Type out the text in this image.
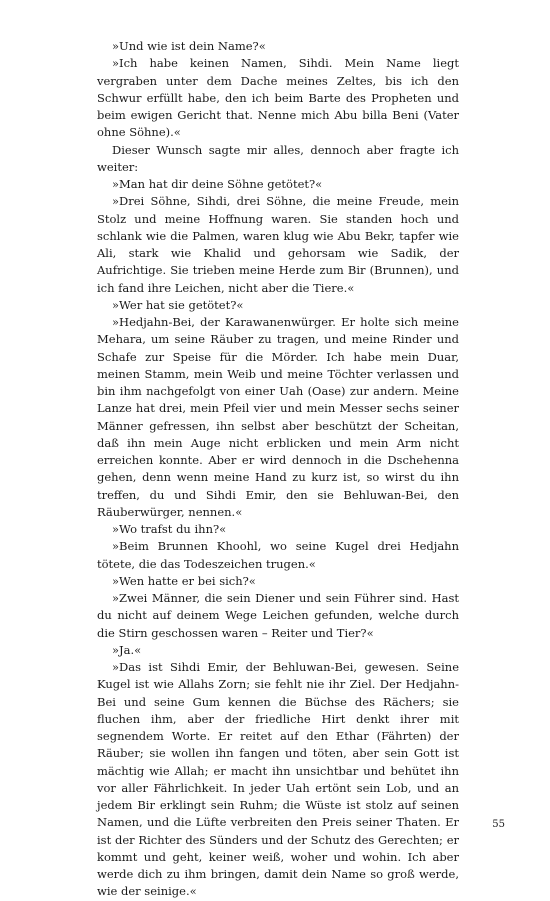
»Und wie ist dein Name?«

»Ich habe keinen Namen, Sihdi. Mein Name liegt vergraben unter dem Dache meines Zeltes, bis ich den Schwur erfüllt habe, den ich beim Barte des Propheten und beim ewigen Gericht that. Nenne mich Abu billa Beni (Vater ohne Söhne).«

Dieser Wunsch sagte mir alles, dennoch aber fragte ich weiter:

»Man hat dir deine Söhne getötet?«

»Drei Söhne, Sihdi, drei Söhne, die meine Freude, mein Stolz und meine Hoffnung waren. Sie standen hoch und schlank wie die Palmen, waren klug wie Abu Bekr, tapfer wie Ali, stark wie Khalid und gehorsam wie Sadik, der Aufrichtige. Sie trieben meine Herde zum Bir (Brunnen), und ich fand ihre Leichen, nicht aber die Tiere.«

»Wer hat sie getötet?«

»Hedjahn-Bei, der Karawanenwürger. Er holte sich meine Mehara, um seine Räuber zu tragen, und meine Rinder und Schafe zur Speise für die Mörder. Ich habe mein Duar, meinen Stamm, mein Weib und meine Töchter verlassen und bin ihm nachgefolgt von einer Uah (Oase) zur andern. Meine Lanze hat drei, mein Pfeil vier und mein Messer sechs seiner Männer gefressen, ihn selbst aber beschützt der Scheitan, daß ihn mein Auge nicht erblicken und mein Arm nicht erreichen konnte. Aber er wird dennoch in die Dschehenna gehen, denn wenn meine Hand zu kurz ist, so wirst du ihn treffen, du und Sihdi Emir, den sie Behluwan-Bei, den Räuberwürger, nennen.«

»Wo trafst du ihn?«

»Beim Brunnen Khoohl, wo seine Kugel drei Hedjahn tötete, die das Todeszeichen trugen.«

»Wen hatte er bei sich?«

»Zwei Männer, die sein Diener und sein Führer sind. Hast du nicht auf deinem Wege Leichen gefunden, welche durch die Stirn geschossen waren – Reiter und Tier?«

»Ja.«

»Das ist Sihdi Emir, der Behluwan-Bei, gewesen. Seine Kugel ist wie Allahs Zorn; sie fehlt nie ihr Ziel. Der Hedjahn-Bei und seine Gum kennen die Büchse des Rächers; sie fluchen ihm, aber der friedliche Hirt denkt ihrer mit segnendem Worte. Er reitet auf den Ethar (Fährten) der Räuber; sie wollen ihn fangen und töten, aber sein Gott ist mächtig wie Allah; er macht ihn unsichtbar und behütet ihn vor aller Fährlichkeit. In jeder Uah ertönt sein Lob, und an jedem Bir erklingt sein Ruhm; die Wüste ist stolz auf seinen Namen, und die Lüfte verbreiten den Preis seiner Thaten. Er ist der Richter des Sünders und der Schutz des Gerechten; er kommt und geht, keiner weiß, woher und wohin. Ich aber werde dich zu ihm bringen, damit dein Name so groß werde, wie der seinige.«

55
